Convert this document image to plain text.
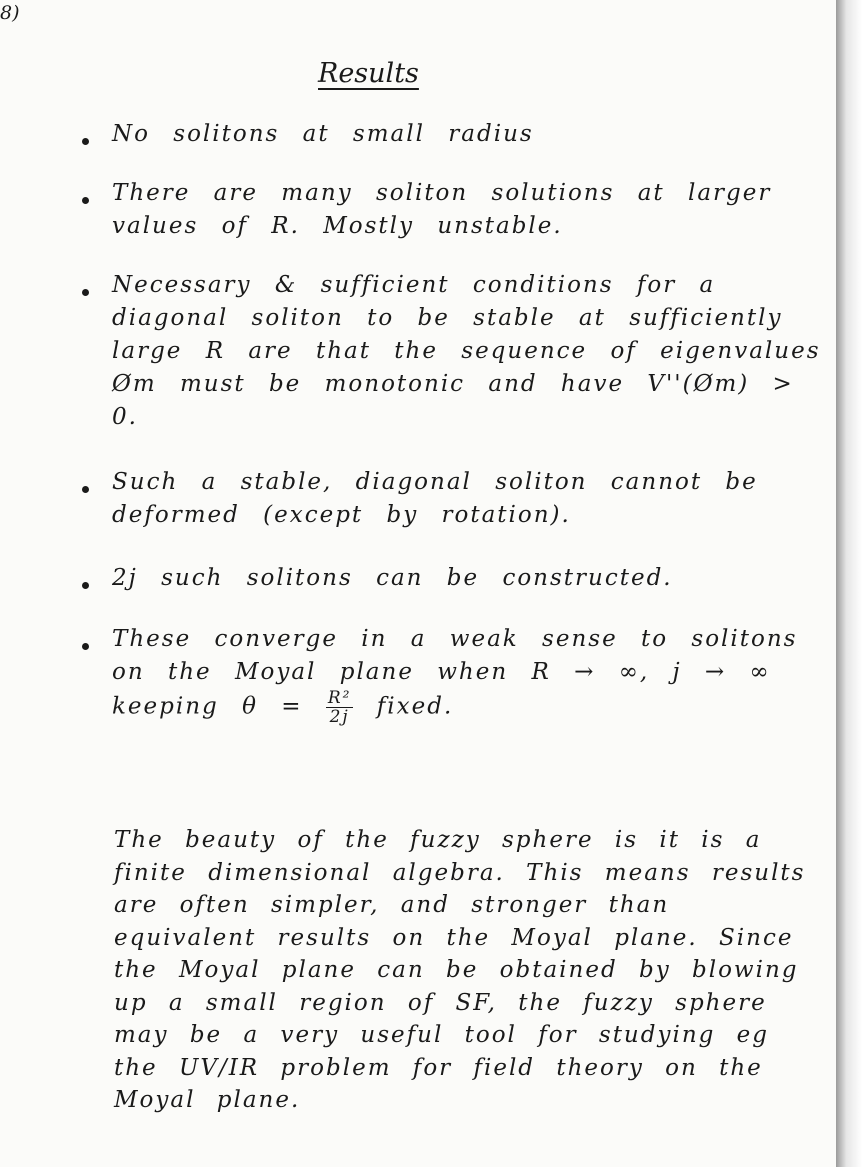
8)
Results
No solitons at small radius
There are many soliton solutions at larger values of R. Mostly unstable.
Necessary & sufficient conditions for a diagonal soliton to be stable at sufficiently large R are that the sequence of eigenvalues Øm must be monotonic and have V''(Øm) > 0.
Such a stable, diagonal soliton cannot be deformed (except by rotation).
2j such solitons can be constructed.
These converge in a weak sense to solitons on the Moyal plane when R → ∞, j → ∞ keeping $\theta = \frac{\text{R²}}{2j}$ fixed.
The beauty of the fuzzy sphere is it is a finite dimensional algebra. This means results are often simpler, and stronger than equivalent results on the Moyal plane. Since the Moyal plane can be obtained by blowing up a small region of SF, the fuzzy sphere may be a very useful tool for studying eg the UV/IR problem for field theory on the Moyal plane.
